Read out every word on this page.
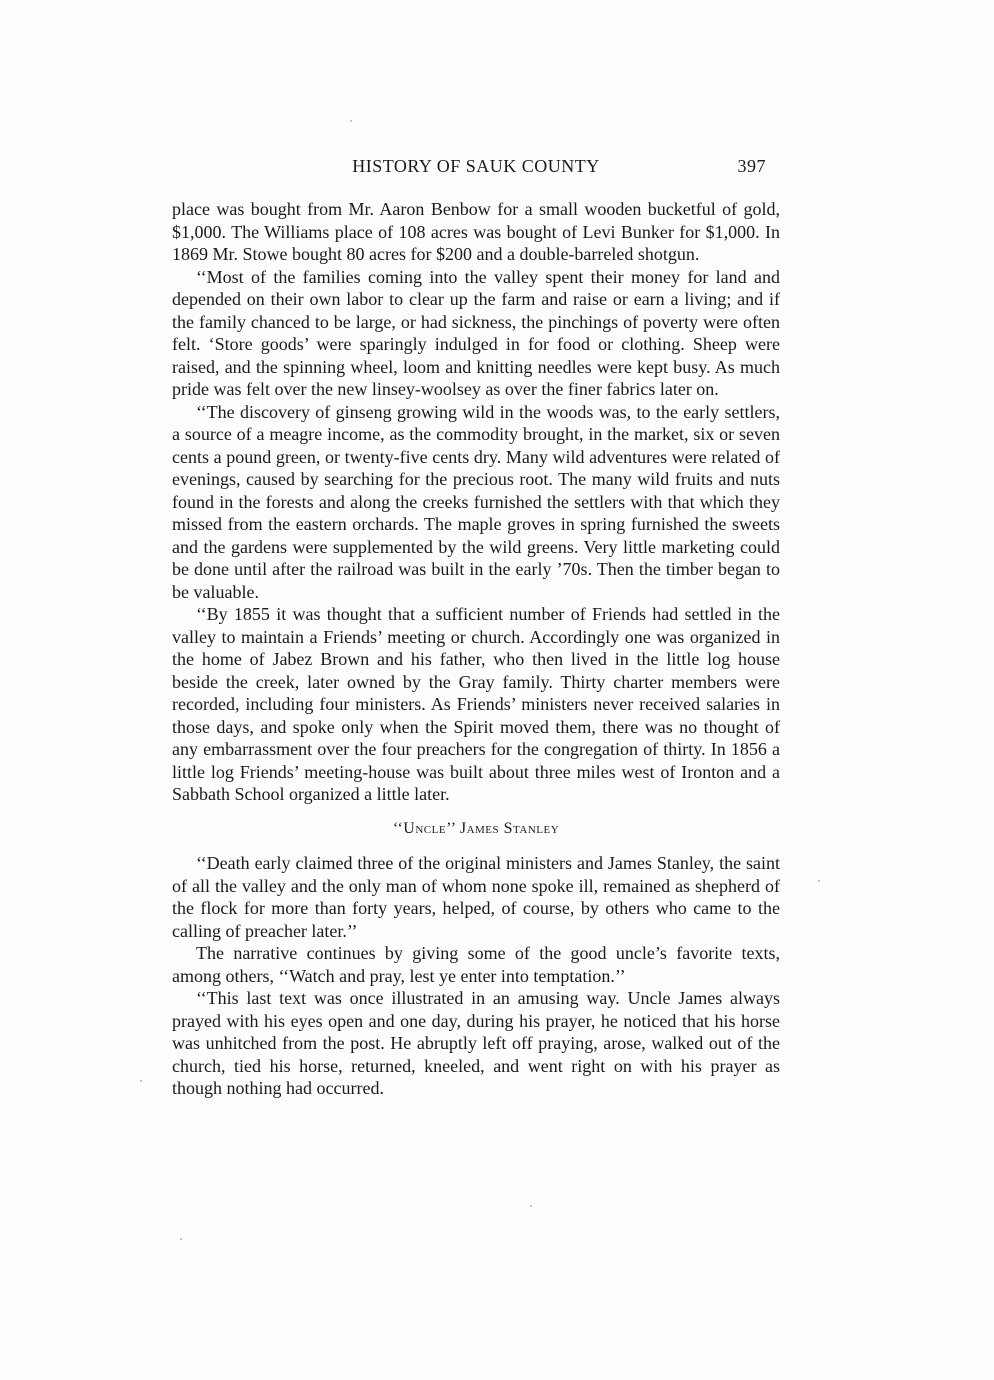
HISTORY OF SAUK COUNTY	397

place was bought from Mr. Aaron Benbow for a small wooden bucketful of gold, $1,000. The Williams place of 108 acres was bought of Levi Bunker for $1,000. In 1869 Mr. Stowe bought 80 acres for $200 and a double-barreled shotgun.

‘‘Most of the families coming into the valley spent their money for land and depended on their own labor to clear up the farm and raise or earn a living; and if the family chanced to be large, or had sickness, the pinchings of poverty were often felt. ‘Store goods’ were sparingly indulged in for food or clothing. Sheep were raised, and the spinning wheel, loom and knitting needles were kept busy. As much pride was felt over the new linsey-woolsey as over the finer fabrics later on.

‘‘The discovery of ginseng growing wild in the woods was, to the early settlers, a source of a meagre income, as the commodity brought, in the market, six or seven cents a pound green, or twenty-five cents dry. Many wild adventures were related of evenings, caused by searching for the precious root. The many wild fruits and nuts found in the forests and along the creeks furnished the settlers with that which they missed from the eastern orchards. The maple groves in spring furnished the sweets and the gardens were supplemented by the wild greens. Very little marketing could be done until after the railroad was built in the early ’70s. Then the timber began to be valuable.

‘‘By 1855 it was thought that a sufficient number of Friends had settled in the valley to maintain a Friends’ meeting or church. Accordingly one was organized in the home of Jabez Brown and his father, who then lived in the little log house beside the creek, later owned by the Gray family. Thirty charter members were recorded, including four ministers. As Friends’ ministers never received salaries in those days, and spoke only when the Spirit moved them, there was no thought of any embarrassment over the four preachers for the congregation of thirty. In 1856 a little log Friends’ meeting-house was built about three miles west of Ironton and a Sabbath School organized a little later.

‘‘Uncle’’ James Stanley

‘‘Death early claimed three of the original ministers and James Stanley, the saint of all the valley and the only man of whom none spoke ill, remained as shepherd of the flock for more than forty years, helped, of course, by others who came to the calling of preacher later.’’

The narrative continues by giving some of the good uncle’s favorite texts, among others, ‘‘Watch and pray, lest ye enter into temptation.’’

‘‘This last text was once illustrated in an amusing way. Uncle James always prayed with his eyes open and one day, during his prayer, he noticed that his horse was unhitched from the post. He abruptly left off praying, arose, walked out of the church, tied his horse, returned, kneeled, and went right on with his prayer as though nothing had occurred.
